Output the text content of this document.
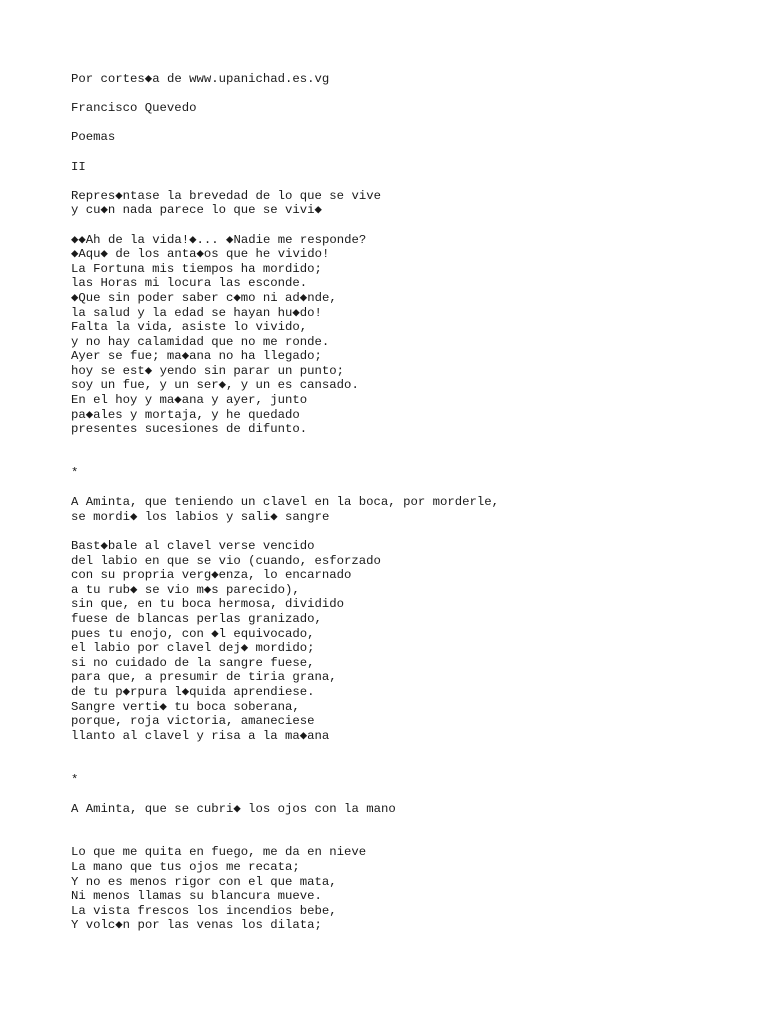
Por cortes◆a de www.upanichad.es.vg
Francisco Quevedo
Poemas
II
Repres◆ntase la brevedad de lo que se vive
y cu◆n nada parece lo que se vivi◆
◆◆Ah de la vida!◆... ◆Nadie me responde?
◆Aqu◆ de los anta◆os que he vivido!
La Fortuna mis tiempos ha mordido;
las Horas mi locura las esconde.
◆Que sin poder saber c◆mo ni ad◆nde,
la salud y la edad se hayan hu◆do!
Falta la vida, asiste lo vivido,
y no hay calamidad que no me ronde.
Ayer se fue; ma◆ana no ha llegado;
hoy se est◆ yendo sin parar un punto;
soy un fue, y un ser◆, y un es cansado.
En el hoy y ma◆ana y ayer, junto
pa◆ales y mortaja, y he quedado
presentes sucesiones de difunto.
*
A Aminta, que teniendo un clavel en la boca, por morderle,
se mordi◆ los labios y sali◆ sangre
Bast◆bale al clavel verse vencido
del labio en que se vio (cuando, esforzado
con su propria verg◆enza, lo encarnado
a tu rub◆ se vio m◆s parecido),
sin que, en tu boca hermosa, dividido
fuese de blancas perlas granizado,
pues tu enojo, con ◆l equivocado,
el labio por clavel dej◆ mordido;
si no cuidado de la sangre fuese,
para que, a presumir de tiria grana,
de tu p◆rpura l◆quida aprendiese.
Sangre verti◆ tu boca soberana,
porque, roja victoria, amaneciese
llanto al clavel y risa a la ma◆ana
*
A Aminta, que se cubri◆ los ojos con la mano
Lo que me quita en fuego, me da en nieve
La mano que tus ojos me recata;
Y no es menos rigor con el que mata,
Ni menos llamas su blancura mueve.
La vista frescos los incendios bebe,
Y volc◆n por las venas los dilata;
